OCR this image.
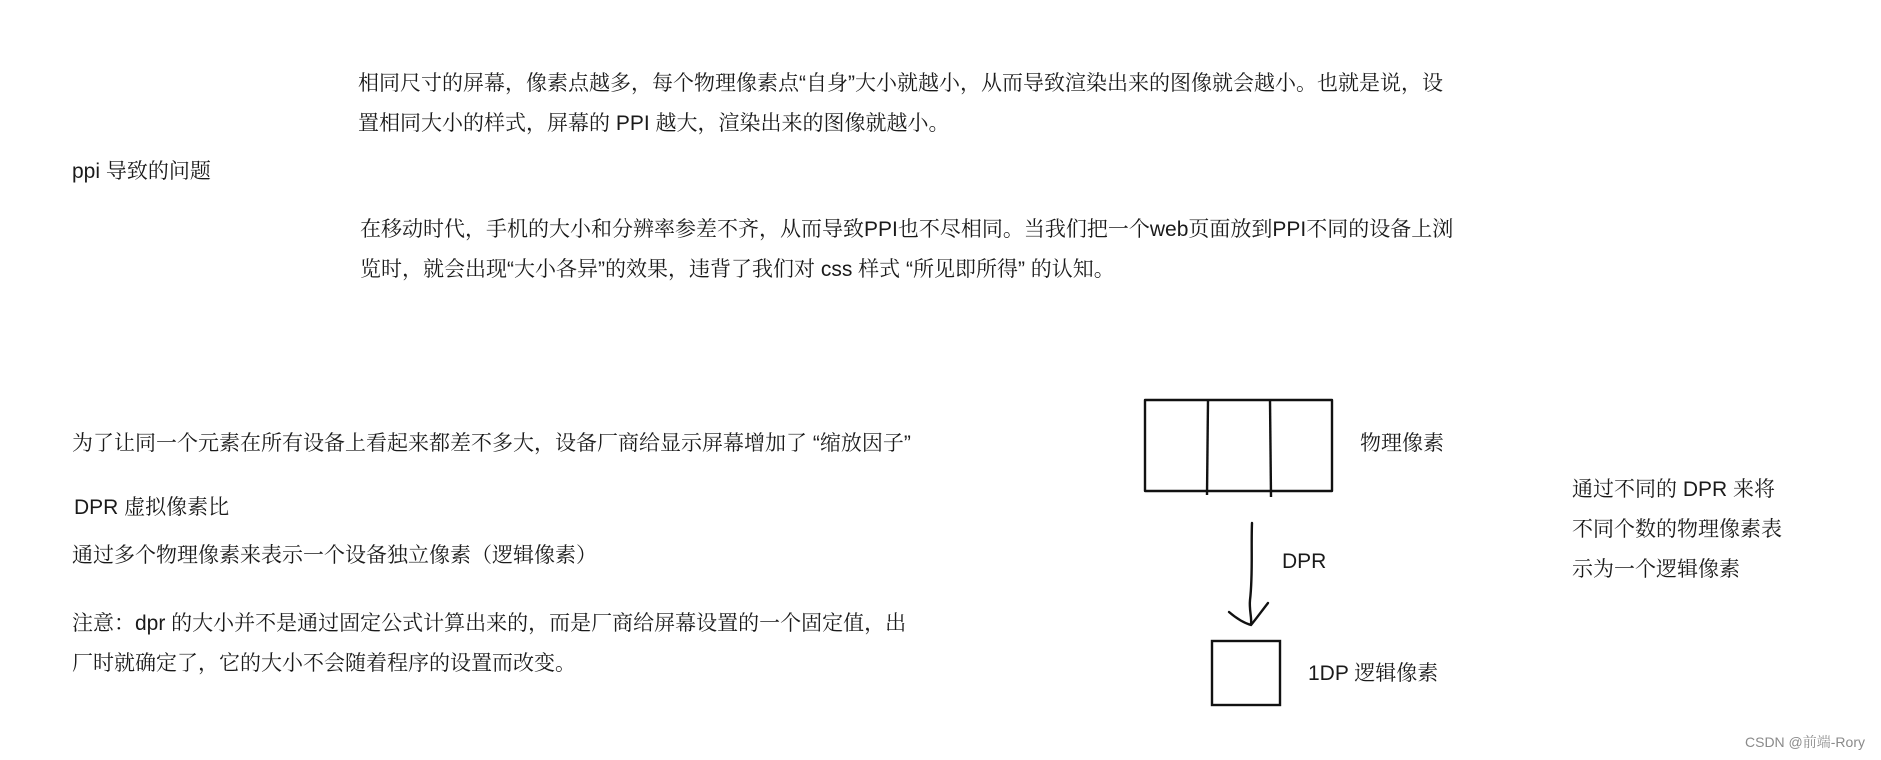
相同尺寸的屏幕，像素点越多，每个物理像素点“自身”大小就越小，从而导致渲染出来的图像就会越小。也就是说，设
置相同大小的样式，屏幕的 PPI 越大，渲染出来的图像就越小。
ppi 导致的问题
在移动时代，手机的大小和分辨率参差不齐，从而导致PPI也不尽相同。当我们把一个web页面放到PPI不同的设备上浏
览时，就会出现“大小各异”的效果，违背了我们对 css 样式 “所见即所得” 的认知。
为了让同一个元素在所有设备上看起来都差不多大，设备厂商给显示屏幕增加了 “缩放因子”
DPR 虚拟像素比
通过多个物理像素来表示一个设备独立像素（逻辑像素）
注意：dpr 的大小并不是通过固定公式计算出来的，而是厂商给屏幕设置的一个固定值，出
厂时就确定了，它的大小不会随着程序的设置而改变。
通过不同的 DPR 来将
不同个数的物理像素表
示为一个逻辑像素
物理像素
DPR
1DP 逻辑像素
CSDN @前端-Rory
